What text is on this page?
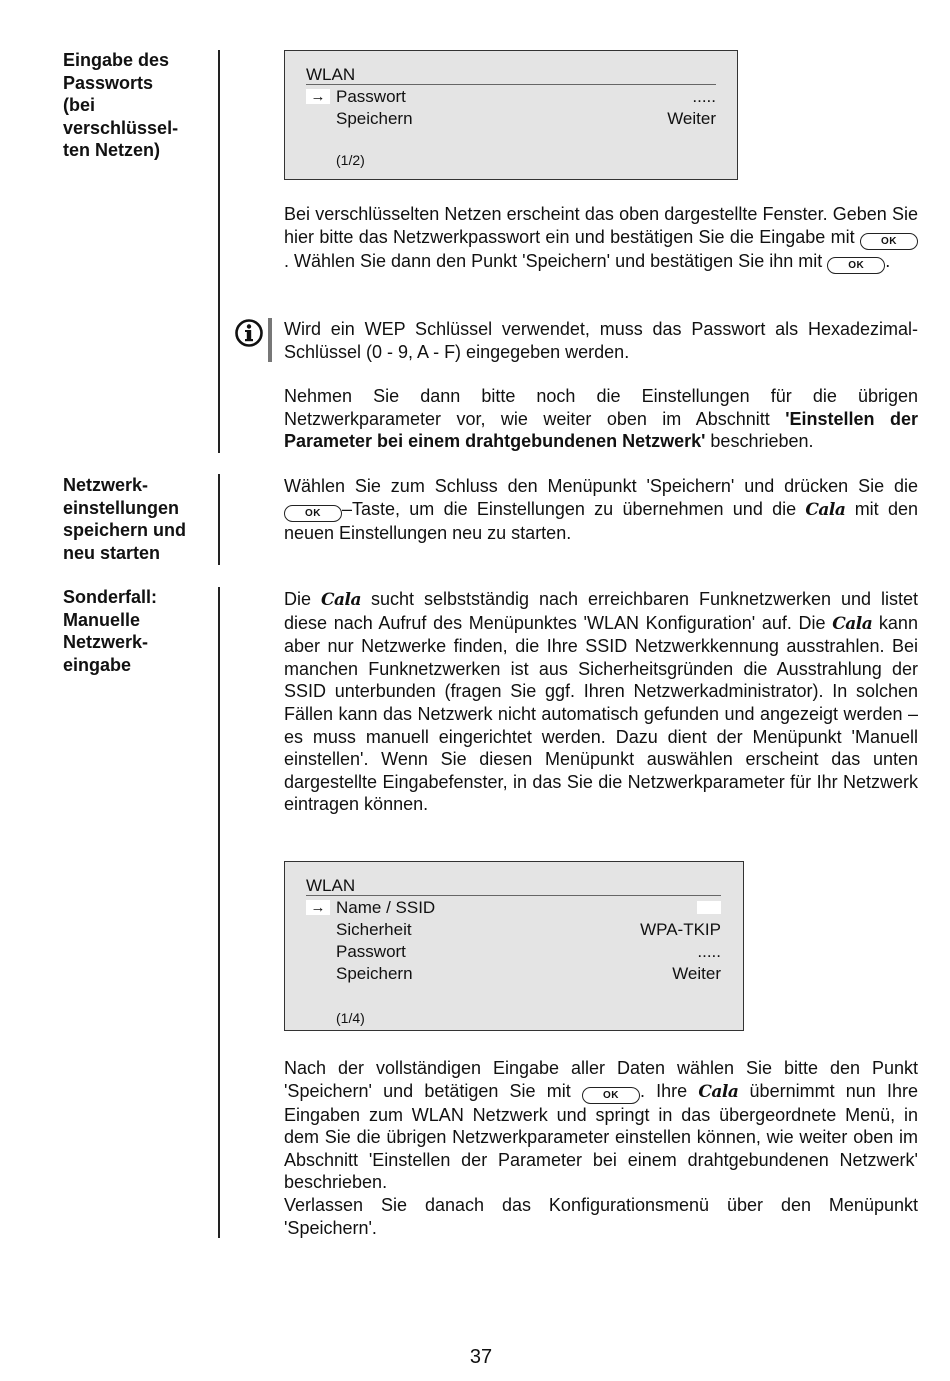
Eingabe des
Passworts
(bei
verschlüssel-
ten Netzen)
Netzwerk-
einstellungen
speichern und
neu starten
Sonderfall:
Manuelle
Netzwerk-
eingabe
WLAN
→ Passwort	.....
Speichern	Weiter
(1/2)
Bei verschlüsselten Netzen erscheint das oben dargestellte Fenster. Geben Sie hier bitte das Netzwerkpasswort ein und bestätigen Sie die Eingabe mit	OK. Wählen Sie dann den Punkt 'Speichern' und bestätigen Sie ihn mit	OK .
Wird ein WEP Schlüssel verwendet, muss das Passwort als Hexadezimal-Schlüssel (0 - 9, A - F) eingegeben werden.
Nehmen Sie dann bitte noch die Einstellungen für die übrigen Netzwerkparameter vor, wie weiter oben im Abschnitt 'Einstellen der Parameter bei einem drahtgebundenen Netzwerk' beschrieben.
Wählen Sie zum Schluss den Menüpunkt 'Speichern' und drücken Sie die OK –Taste, um die Einstellungen zu übernehmen und die Cala mit den neuen Einstellungen neu zu starten.
Die Cala sucht selbstständig nach erreichbaren Funknetzwerken und listet diese nach Aufruf des Menüpunktes 'WLAN Konfiguration' auf. Die Cala kann aber nur Netzwerke finden, die Ihre SSID Netzwerkkennung ausstrahlen. Bei manchen Funknetzwerken ist aus Sicherheitsgründen die Ausstrahlung der SSID unterbunden (fragen Sie ggf. Ihren Netzwerkadministrator). In solchen Fällen kann das Netzwerk nicht automatisch gefunden und angezeigt werden – es muss manuell eingerichtet werden. Dazu dient der Menüpunkt 'Manuell einstellen'. Wenn Sie diesen Menüpunkt auswählen erscheint das unten dargestellte Eingabefenster, in das Sie die Netzwerkparameter für Ihr Netzwerk eintragen können.
WLAN
→ Name / SSID
Sicherheit	WPA-TKIP
Passwort	.....
Speichern	Weiter
(1/4)
Nach der vollständigen Eingabe aller Daten wählen Sie bitte den Punkt 'Speichern' und betätigen Sie mit	OK . Ihre Cala übernimmt nun Ihre Eingaben zum WLAN Netzwerk und springt in das übergeordnete Menü, in dem Sie die übrigen Netzwerkparameter einstellen können, wie weiter oben im Abschnitt 'Einstellen der Parameter bei einem drahtgebundenen Netzwerk' beschrieben.
Verlassen Sie danach das Konfigurationsmenü über den Menüpunkt 'Speichern'.
37
